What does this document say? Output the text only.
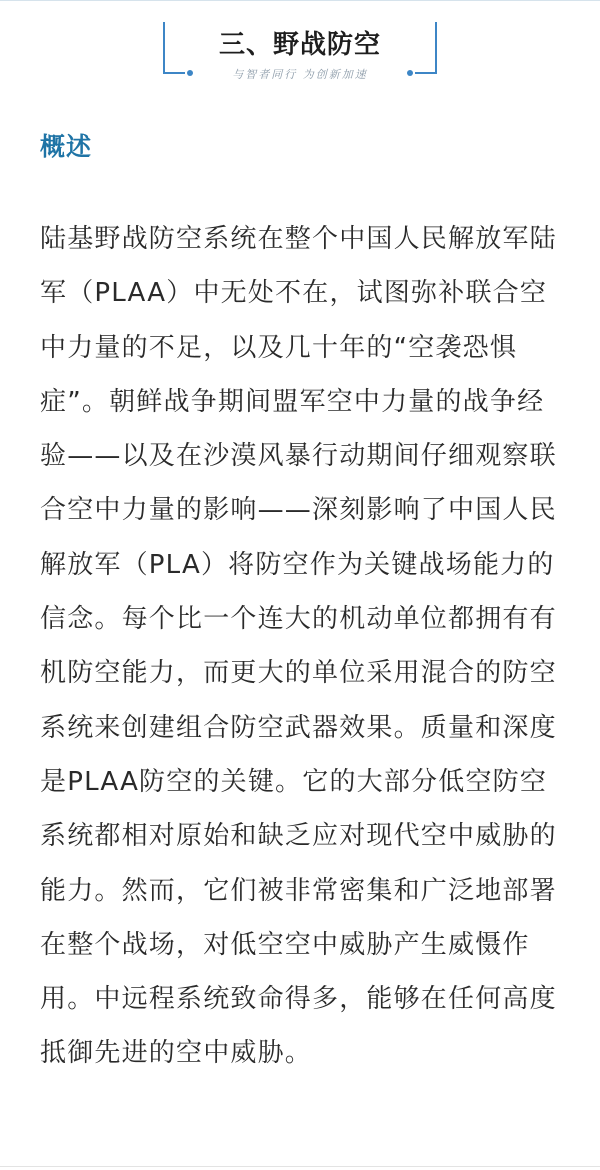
三、野战防空
与智者同行 为创新加速
概述

陆基野战防空系统在整个中国人民解放军陆军（PLAA）中无处不在，试图弥补联合空中力量的不足，以及几十年的“空袭恐惧症”。朝鲜战争期间盟军空中力量的战争经验——以及在沙漠风暴行动期间仔细观察联合空中力量的影响——深刻影响了中国人民解放军（PLA）将防空作为关键战场能力的信念。每个比一个连大的机动单位都拥有有机防空能力，而更大的单位采用混合的防空系统来创建组合防空武器效果。质量和深度是PLAA防空的关键。它的大部分低空防空系统都相对原始和缺乏应对现代空中威胁的能力。然而，它们被非常密集和广泛地部署在整个战场，对低空空中威胁产生威慑作用。中远程系统致命得多，能够在任何高度抵御先进的空中威胁。
